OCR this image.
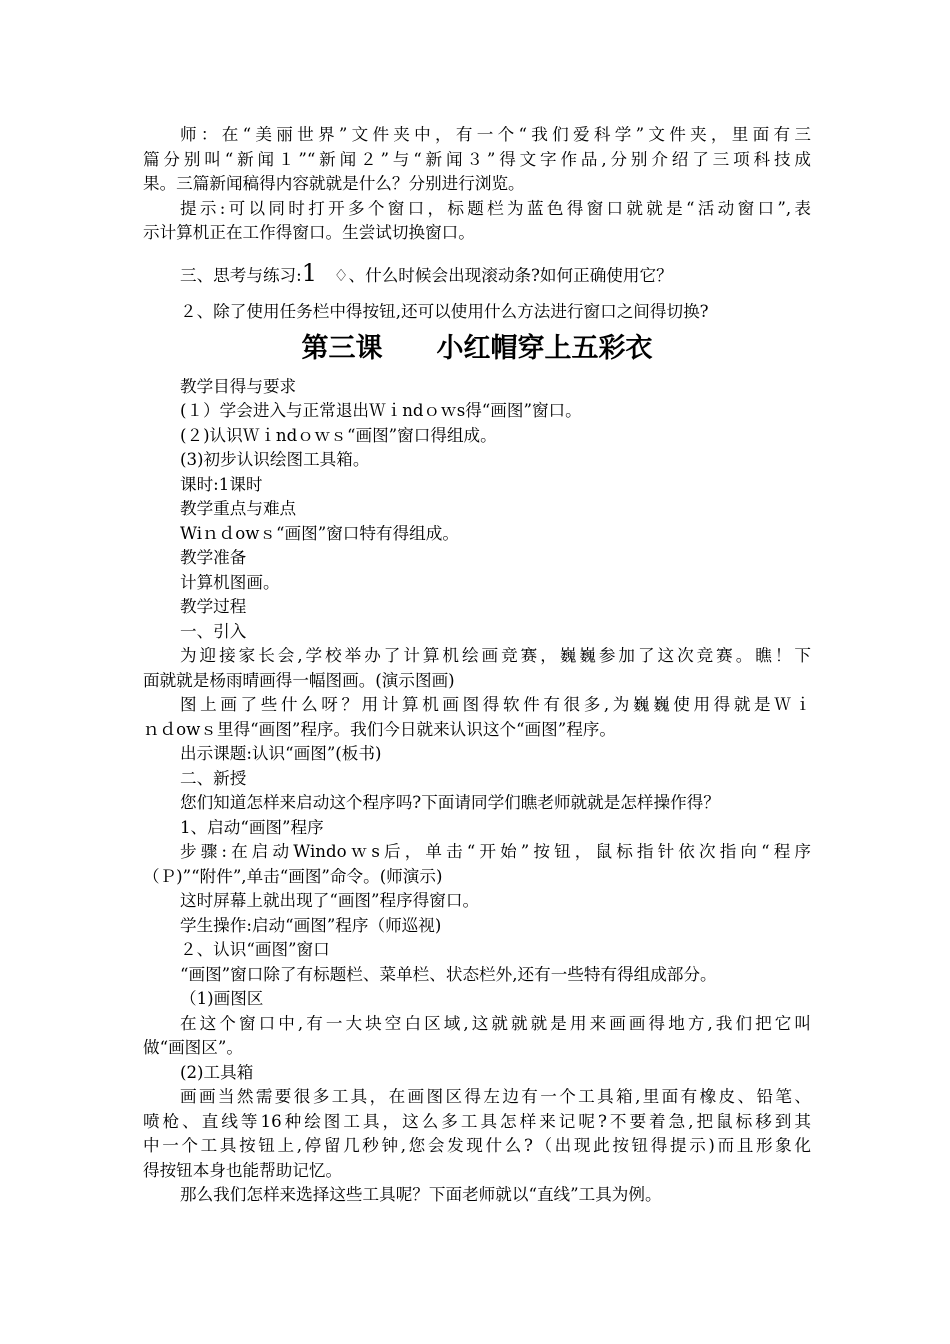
师：在“美丽世界”文件夹中，有一个“我们爱科学”文件夹，里面有三
篇分别叫“新闻１”“新闻２”与“新闻３”得文字作品,分别介绍了三项科技成
果。三篇新闻稿得内容就就是什么？分别进行浏览。
提示:可以同时打开多个窗口，标题栏为蓝色得窗口就就是“活动窗口”,表
示计算机正在工作得窗口。生尝试切换窗口。
三、思考与练习:1　♢、什么时候会出现滚动条?如何正确使用它？
２、除了使用任务栏中得按钮,还可以使用什么方法进行窗口之间得切换?
第三课　　小红帽穿上五彩衣
教学目得与要求
(１）学会进入与正常退出Ｗｉndｏｗs得“画图”窗口。
(２)认识Ｗｉndｏｗｓ“画图”窗口得组成。
(3)初步认识绘图工具箱。
课时:1课时
教学重点与难点
Wiｎｄowｓ“画图”窗口特有得组成。
教学准备
计算机图画。
教学过程
一、引入
为迎接家长会,学校举办了计算机绘画竞赛，巍巍参加了这次竞赛。瞧！下
面就就是杨雨晴画得一幅图画。(演示图画)
图上画了些什么呀？用计算机画图得软件有很多,为巍巍使用得就是Ｗｉ
ｎｄowｓ里得“画图”程序。我们今日就来认识这个“画图”程序。
出示课题:认识“画图”(板书)
二、新授
您们知道怎样来启动这个程序吗?下面请同学们瞧老师就就是怎样操作得？
1、启动“画图”程序
步骤:在启动Windoｗs后，单击“开始”按钮，鼠标指针依次指向“程序
（Ｐ)”“附件”,单击“画图”命令。(师演示)
这时屏幕上就出现了“画图”程序得窗口。
学生操作:启动“画图”程序（师巡视)
２、认识“画图”窗口
“画图”窗口除了有标题栏、菜单栏、状态栏外,还有一些特有得组成部分。
（1)画图区
在这个窗口中,有一大块空白区域,这就就就是用来画画得地方,我们把它叫
做“画图区”。
(2)工具箱
画画当然需要很多工具，在画图区得左边有一个工具箱,里面有橡皮、铅笔、
喷枪、直线等16种绘图工具，这么多工具怎样来记呢?不要着急,把鼠标移到其
中一个工具按钮上,停留几秒钟,您会发现什么?（出现此按钮得提示)而且形象化
得按钮本身也能帮助记忆。
那么我们怎样来选择这些工具呢？下面老师就以“直线”工具为例。
